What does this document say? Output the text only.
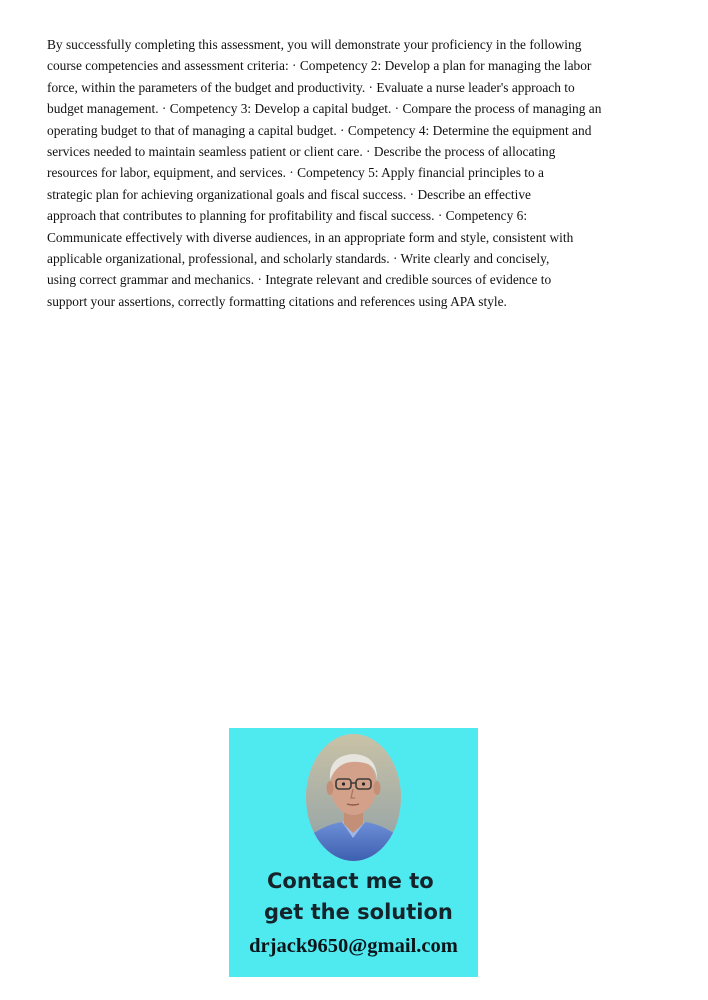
By successfully completing this assessment, you will demonstrate your proficiency in the following
course competencies and assessment criteria: · Competency 2: Develop a plan for managing the labor
force, within the parameters of the budget and productivity. · Evaluate a nurse leader's approach to
budget management. · Competency 3: Develop a capital budget. · Compare the process of managing an
operating budget to that of managing a capital budget. · Competency 4: Determine the equipment and
services needed to maintain seamless patient or client care. · Describe the process of allocating
resources for labor, equipment, and services. · Competency 5: Apply financial principles to a
strategic plan for achieving organizational goals and fiscal success. · Describe an effective
approach that contributes to planning for profitability and fiscal success. · Competency 6:
Communicate effectively with diverse audiences, in an appropriate form and style, consistent with
applicable organizational, professional, and scholarly standards. · Write clearly and concisely,
using correct grammar and mechanics. · Integrate relevant and credible sources of evidence to
support your assertions, correctly formatting citations and references using APA style.

Contact me to

get the solution

drjack9650@gmail.com
